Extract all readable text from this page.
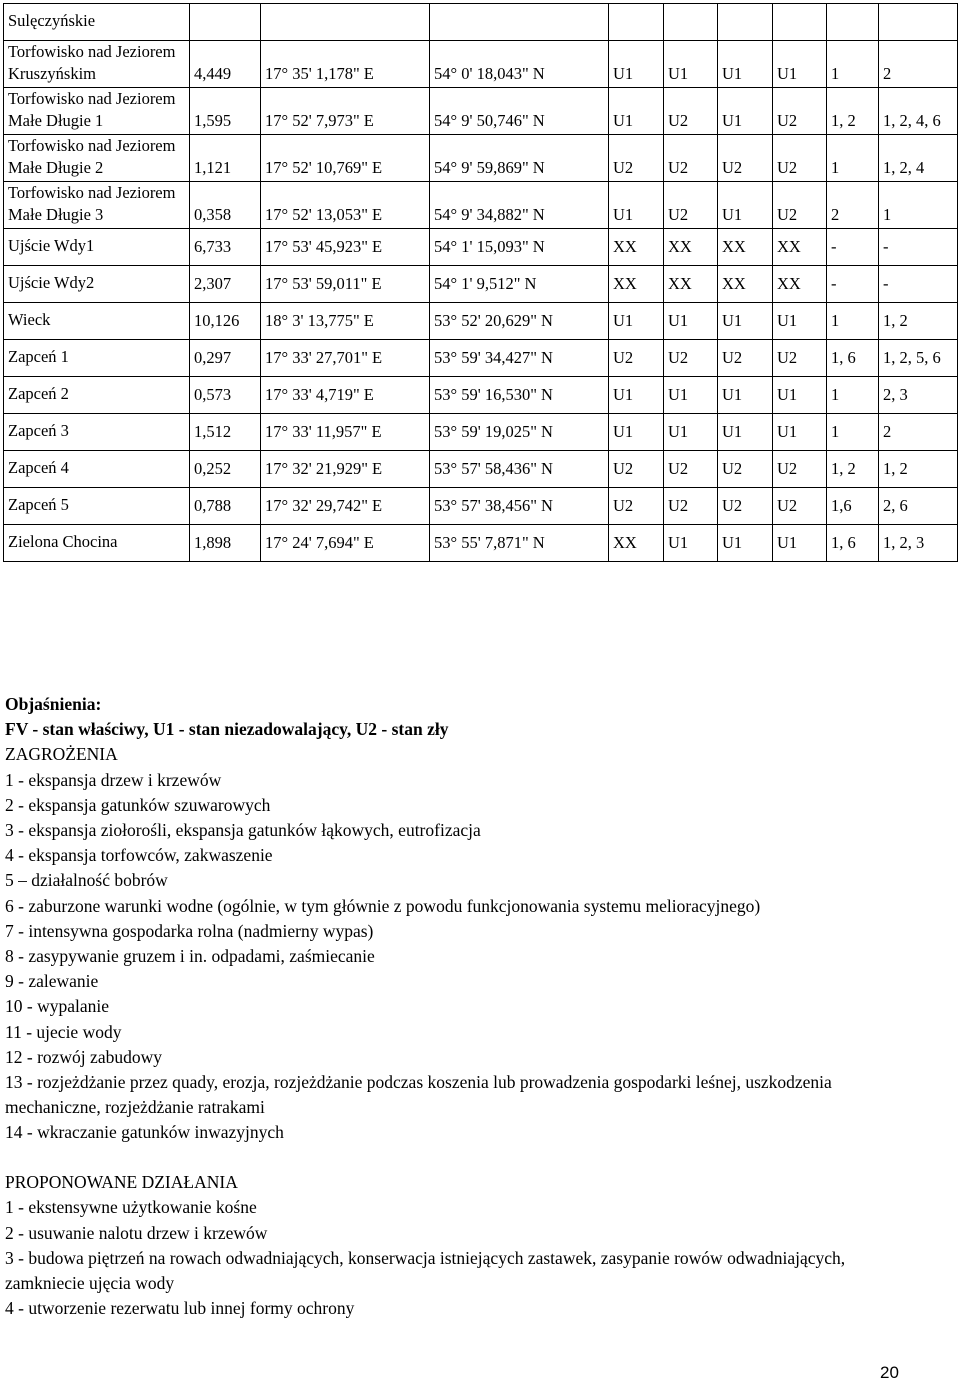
Sulęczyńskie									
Torfowisko nad Jeziorem Kruszyńskim	4,449	17° 35' 1,178" E	54° 0' 18,043" N	U1	U1	U1	U1	1	2
Torfowisko nad Jeziorem Małe Długie 1	1,595	17° 52' 7,973" E	54° 9' 50,746" N	U1	U2	U1	U2	1, 2	1, 2, 4, 6
Torfowisko nad Jeziorem Małe Długie 2	1,121	17° 52' 10,769" E	54° 9' 59,869" N	U2	U2	U2	U2	1	1, 2, 4
Torfowisko nad Jeziorem Małe Długie 3	0,358	17° 52' 13,053" E	54° 9' 34,882" N	U1	U2	U1	U2	2	1
Ujście Wdy1	6,733	17° 53' 45,923" E	54° 1' 15,093" N	XX	XX	XX	XX	-	-
Ujście Wdy2	2,307	17° 53' 59,011" E	54° 1' 9,512" N	XX	XX	XX	XX	-	-
Wieck	10,126	18° 3' 13,775" E	53° 52' 20,629" N	U1	U1	U1	U1	1	1, 2
Zapceń 1	0,297	17° 33' 27,701" E	53° 59' 34,427" N	U2	U2	U2	U2	1, 6	1, 2, 5, 6
Zapceń 2	0,573	17° 33' 4,719" E	53° 59' 16,530" N	U1	U1	U1	U1	1	2, 3
Zapceń 3	1,512	17° 33' 11,957" E	53° 59' 19,025" N	U1	U1	U1	U1	1	2
Zapceń 4	0,252	17° 32' 21,929" E	53° 57' 58,436" N	U2	U2	U2	U2	1, 2	1, 2
Zapceń 5	0,788	17° 32' 29,742" E	53° 57' 38,456" N	U2	U2	U2	U2	1,6	2, 6
Zielona Chocina	1,898	17° 24' 7,694" E	53° 55' 7,871" N	XX	U1	U1	U1	1, 6	1, 2, 3

Objaśnienia:

FV - stan właściwy, U1 - stan niezadowalający, U2 - stan zły

ZAGROŻENIA

1 - ekspansja drzew i krzewów

2 - ekspansja gatunków szuwarowych

3 - ekspansja ziołorośli, ekspansja gatunków łąkowych, eutrofizacja

4 - ekspansja torfowców, zakwaszenie

5 – działalność bobrów

6 - zaburzone warunki wodne (ogólnie, w tym głównie z powodu funkcjonowania systemu melioracyjnego)

7 - intensywna gospodarka rolna (nadmierny wypas)

8 - zasypywanie gruzem i in. odpadami, zaśmiecanie

9 - zalewanie

10 - wypalanie

11 - ujecie wody

12 - rozwój zabudowy

13 - rozjeżdżanie przez quady, erozja, rozjeżdżanie podczas koszenia lub prowadzenia gospodarki leśnej, uszkodzenia mechaniczne, rozjeżdżanie ratrakami

14 - wkraczanie gatunków inwazyjnych

PROPONOWANE DZIAŁANIA

1 - ekstensywne użytkowanie kośne

2 - usuwanie nalotu drzew i krzewów

3 - budowa piętrzeń na rowach odwadniających, konserwacja istniejących zastawek, zasypanie rowów odwadniających, zamkniecie ujęcia wody

4 - utworzenie rezerwatu lub innej formy ochrony

20
